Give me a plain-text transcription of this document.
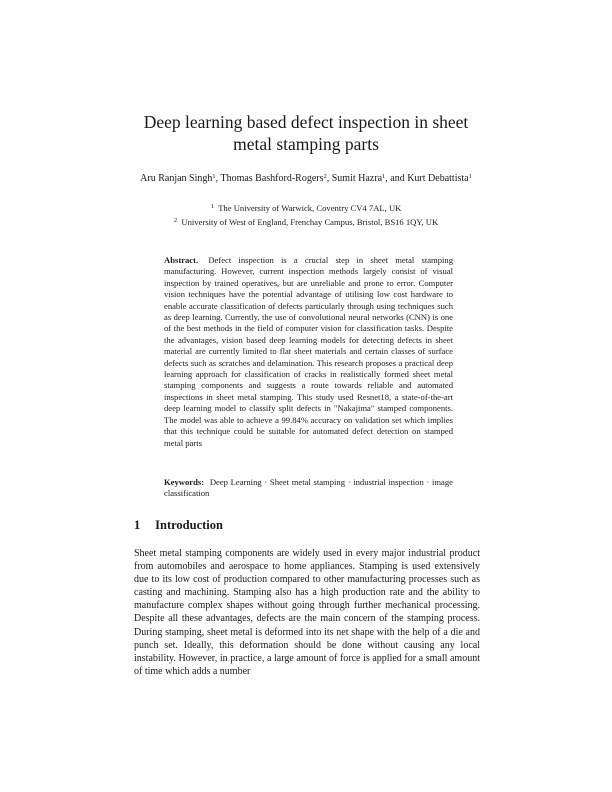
Deep learning based defect inspection in sheet
metal stamping parts
Aru Ranjan Singh$^1$, Thomas Bashford-Rogers$^2$, Sumit Hazra$^1$, and Kurt Debattista$^1$
$^1$ The University of Warwick, Coventry CV4 7AL, UK
$^2$ University of West of England, Frenchay Campus, Bristol, BS16 1QY, UK
Abstract. Defect inspection is a crucial step in sheet metal stamping manufacturing. However, current inspection methods largely consist of visual inspection by trained operatives, but are unreliable and prone to error. Computer vision techniques have the potential advantage of utilising low cost hardware to enable accurate classification of defects particularly through using techniques such as deep learning. Currently, the use of convolutional neural networks (CNN) is one of the best methods in the field of computer vision for classification tasks. Despite the advantages, vision based deep learning models for detecting defects in sheet material are currently limited to flat sheet materials and certain classes of surface defects such as scratches and delamination. This research proposes a practical deep learning approach for classification of cracks in realistically formed sheet metal stamping components and suggests a route towards reliable and automated inspections in sheet metal stamping. This study used Resnet18, a state-of-the-art deep learning model to classify split defects in "Nakajima" stamped components. The model was able to achieve a 99.84% accuracy on validation set which implies that this technique could be suitable for automated defect detection on stamped metal parts
Keywords: Deep Learning · Sheet metal stamping · industrial inspection · image classification
1 Introduction
Sheet metal stamping components are widely used in every major industrial product from automobiles and aerospace to home appliances. Stamping is used extensively due to its low cost of production compared to other manufacturing processes such as casting and machining. Stamping also has a high production rate and the ability to manufacture complex shapes without going through further mechanical processing. Despite all these advantages, defects are the main concern of the stamping process. During stamping, sheet metal is deformed into its net shape with the help of a die and punch set. Ideally, this deformation should be done without causing any local instability. However, in practice, a large amount of force is applied for a small amount of time which adds a number
